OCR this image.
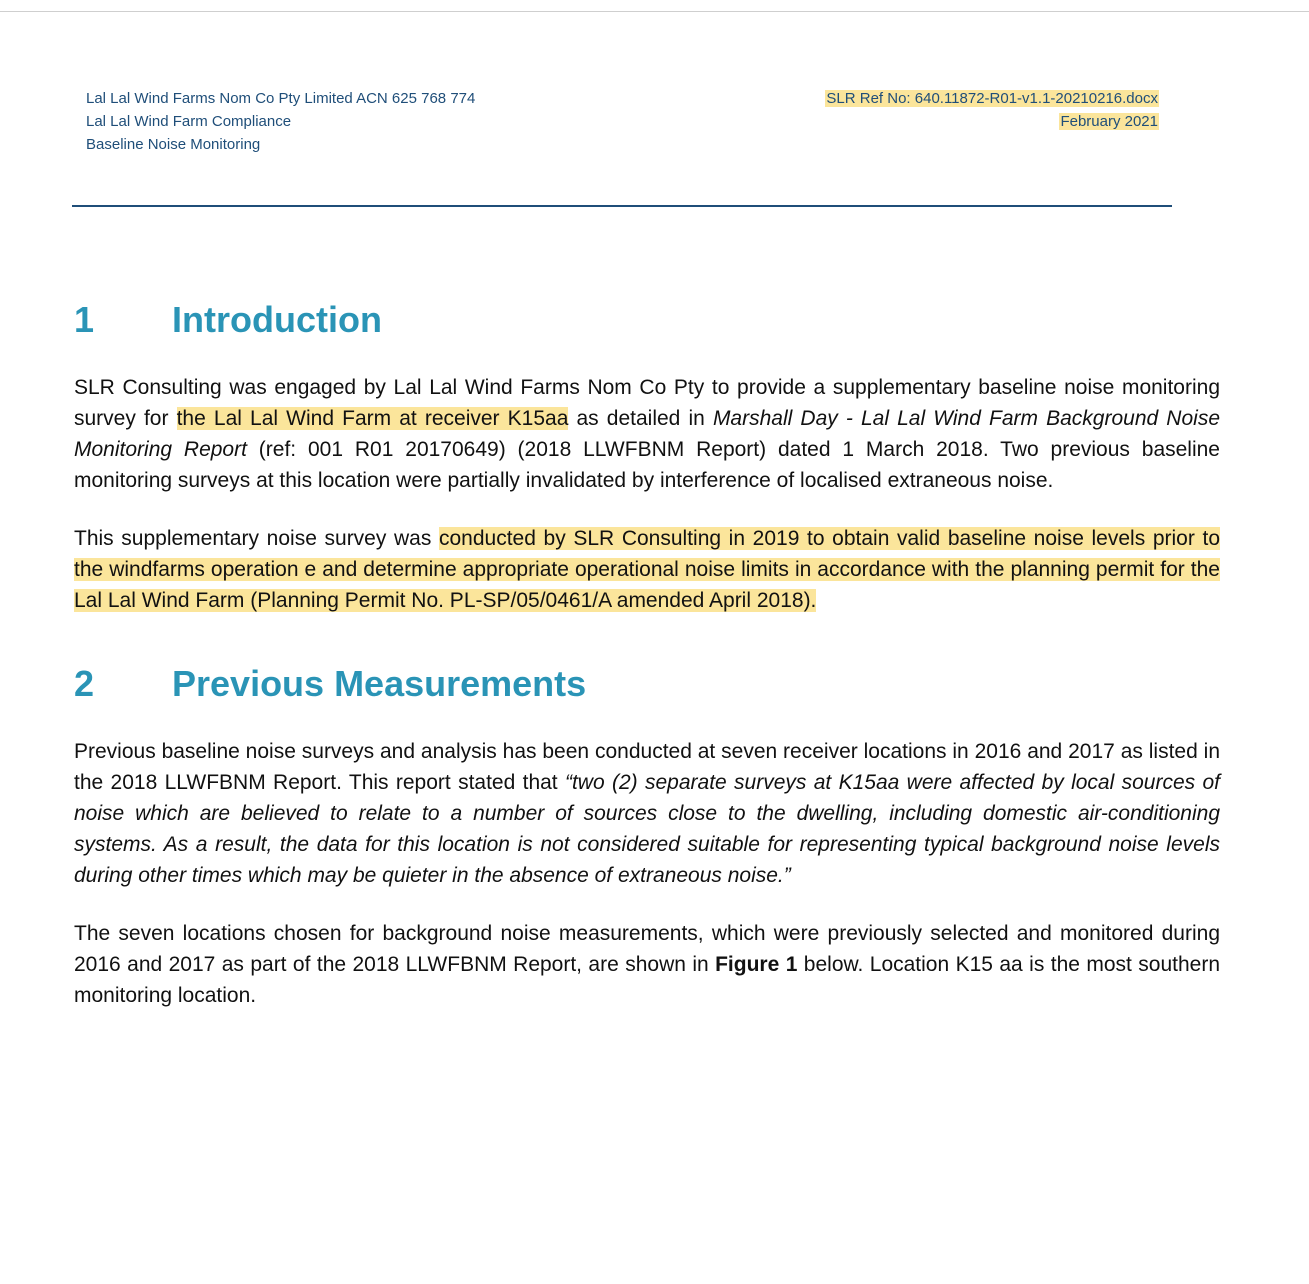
Lal Lal Wind Farms Nom Co Pty Limited ACN 625 768 774
Lal Lal Wind Farm Compliance
Baseline Noise Monitoring
SLR Ref No: 640.11872-R01-v1.1-20210216.docx
February 2021
1	Introduction

SLR Consulting was engaged by Lal Lal Wind Farms Nom Co Pty to provide a supplementary baseline noise monitoring survey for the Lal Lal Wind Farm at receiver K15aa as detailed in Marshall Day - Lal Lal Wind Farm Background Noise Monitoring Report (ref: 001 R01 20170649) (2018 LLWFBNM Report) dated 1 March 2018. Two previous baseline monitoring surveys at this location were partially invalidated by interference of localised extraneous noise.

This supplementary noise survey was conducted by SLR Consulting in 2019 to obtain valid baseline noise levels prior to the windfarms operation e and determine appropriate operational noise limits in accordance with the planning permit for the Lal Lal Wind Farm (Planning Permit No. PL-SP/05/0461/A amended April 2018).

2	Previous Measurements

Previous baseline noise surveys and analysis has been conducted at seven receiver locations in 2016 and 2017 as listed in the 2018 LLWFBNM Report. This report stated that “two (2) separate surveys at K15aa were affected by local sources of noise which are believed to relate to a number of sources close to the dwelling, including domestic air-conditioning systems. As a result, the data for this location is not considered suitable for representing typical background noise levels during other times which may be quieter in the absence of extraneous noise.”

The seven locations chosen for background noise measurements, which were previously selected and monitored during 2016 and 2017 as part of the 2018 LLWFBNM Report, are shown in Figure 1 below. Location K15 aa is the most southern monitoring location.
